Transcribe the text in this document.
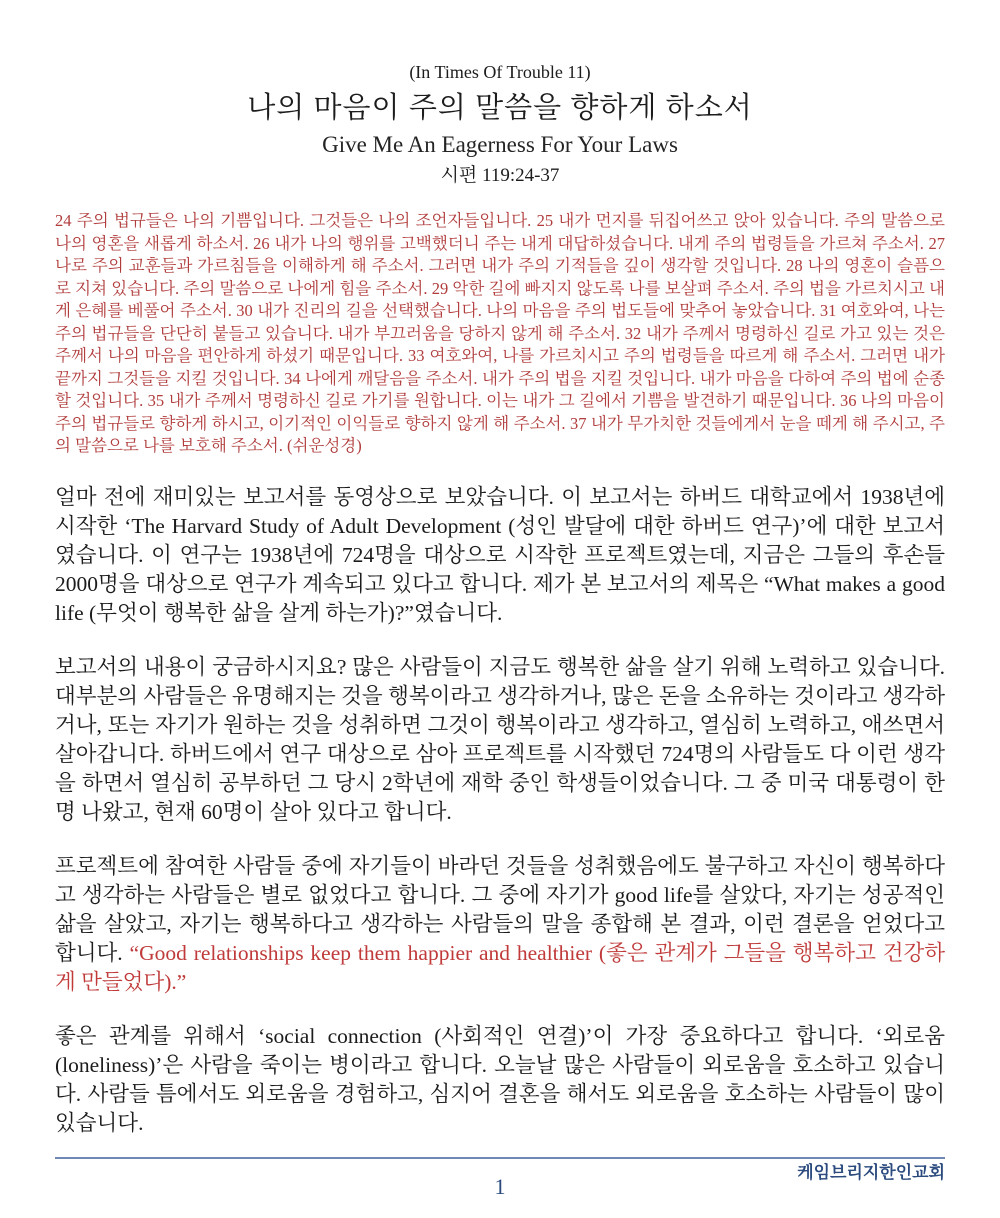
(In Times Of Trouble 11)
나의 마음이 주의 말씀을 향하게 하소서
Give Me An Eagerness For Your Laws
시편 119:24-37
24 주의 법규들은 나의 기쁨입니다. 그것들은 나의 조언자들입니다. 25 내가 먼지를 뒤집어쓰고 앉아 있습니다. 주의 말씀으로 나의 영혼을 새롭게 하소서. 26 내가 나의 행위를 고백했더니 주는 내게 대답하셨습니다. 내게 주의 법령들을 가르쳐 주소서. 27 나로 주의 교훈들과 가르침들을 이해하게 해 주소서. 그러면 내가 주의 기적들을 깊이 생각할 것입니다. 28 나의 영혼이 슬픔으로 지쳐 있습니다. 주의 말씀으로 나에게 힘을 주소서. 29 악한 길에 빠지지 않도록 나를 보살펴 주소서. 주의 법을 가르치시고 내게 은혜를 베풀어 주소서. 30 내가 진리의 길을 선택했습니다. 나의 마음을 주의 법도들에 맞추어 놓았습니다. 31 여호와여, 나는 주의 법규들을 단단히 붙들고 있습니다. 내가 부끄러움을 당하지 않게 해 주소서. 32 내가 주께서 명령하신 길로 가고 있는 것은 주께서 나의 마음을 편안하게 하셨기 때문입니다. 33 여호와여, 나를 가르치시고 주의 법령들을 따르게 해 주소서. 그러면 내가 끝까지 그것들을 지킬 것입니다. 34 나에게 깨달음을 주소서. 내가 주의 법을 지킬 것입니다. 내가 마음을 다하여 주의 법에 순종할 것입니다. 35 내가 주께서 명령하신 길로 가기를 원합니다. 이는 내가 그 길에서 기쁨을 발견하기 때문입니다. 36 나의 마음이 주의 법규들로 향하게 하시고, 이기적인 이익들로 향하지 않게 해 주소서. 37 내가 무가치한 것들에게서 눈을 떼게 해 주시고, 주의 말씀으로 나를 보호해 주소서. (쉬운성경)

얼마 전에 재미있는 보고서를 동영상으로 보았습니다. 이 보고서는 하버드 대학교에서 1938년에 시작한 ‘The Harvard Study of Adult Development (성인 발달에 대한 하버드 연구)’에 대한 보고서였습니다. 이 연구는 1938년에 724명을 대상으로 시작한 프로젝트였는데, 지금은 그들의 후손들 2000명을 대상으로 연구가 계속되고 있다고 합니다. 제가 본 보고서의 제목은 “What makes a good life (무엇이 행복한 삶을 살게 하는가)?”였습니다.

보고서의 내용이 궁금하시지요? 많은 사람들이 지금도 행복한 삶을 살기 위해 노력하고 있습니다. 대부분의 사람들은 유명해지는 것을 행복이라고 생각하거나, 많은 돈을 소유하는 것이라고 생각하거나, 또는 자기가 원하는 것을 성취하면 그것이 행복이라고 생각하고, 열심히 노력하고, 애쓰면서 살아갑니다. 하버드에서 연구 대상으로 삼아 프로젝트를 시작했던 724명의 사람들도 다 이런 생각을 하면서 열심히 공부하던 그 당시 2학년에 재학 중인 학생들이었습니다. 그 중 미국 대통령이 한 명 나왔고, 현재 60명이 살아 있다고 합니다.

프로젝트에 참여한 사람들 중에 자기들이 바라던 것들을 성취했음에도 불구하고 자신이 행복하다고 생각하는 사람들은 별로 없었다고 합니다. 그 중에 자기가 good life를 살았다, 자기는 성공적인 삶을 살았고, 자기는 행복하다고 생각하는 사람들의 말을 종합해 본 결과, 이런 결론을 얻었다고 합니다. “Good relationships keep them happier and healthier (좋은 관계가 그들을 행복하고 건강하게 만들었다).”

좋은 관계를 위해서 ‘social connection (사회적인 연결)’이 가장 중요하다고 합니다. ‘외로움 (loneliness)’은 사람을 죽이는 병이라고 합니다. 오늘날 많은 사람들이 외로움을 호소하고 있습니다. 사람들 틈에서도 외로움을 경험하고, 심지어 결혼을 해서도 외로움을 호소하는 사람들이 많이 있습니다.

케임브리지한인교회
1
